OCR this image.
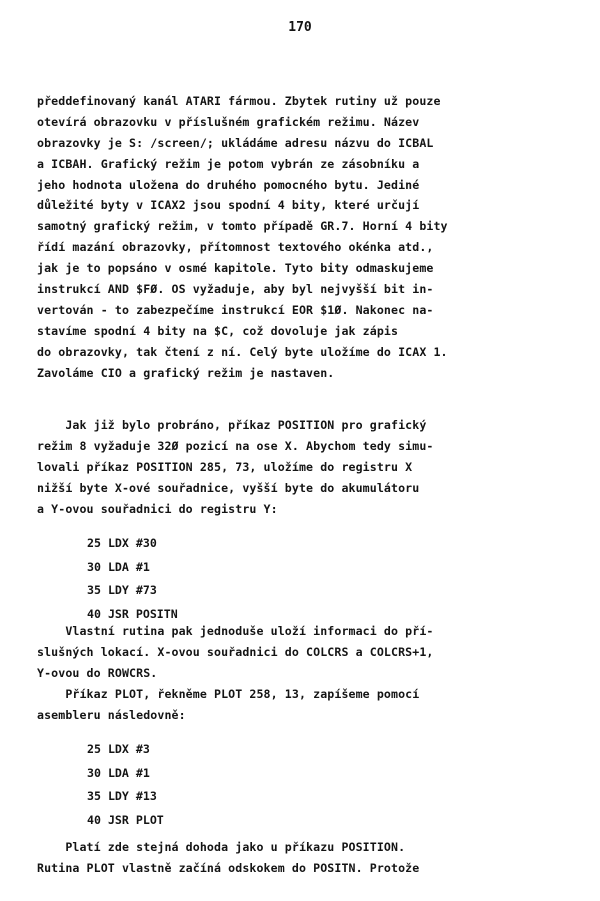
170
předdefinovaný kanál ATARI fármou. Zbytek rutiny už pouze
otevírá obrazovku v příslušném grafickém režimu. Název
obrazovky je S: /screen/; ukládáme adresu názvu do ICBAL
a ICBAH. Grafický režim je potom vybrán ze zásobníku a
jeho hodnota uložena do druhého pomocného bytu. Jediné
důležité byty v ICAX2 jsou spodní 4 bity, které určují
samotný grafický režim, v tomto případě GR.7. Horní 4 bity
řídí mazání obrazovky, přítomnost textového okénka atd.,
jak je to popsáno v osmé kapitole. Tyto bity odmaskujeme
instrukcí AND $FØ. OS vyžaduje, aby byl nejvyšší bit in-
vertován - to zabezpečíme instrukcí EOR $1Ø. Nakonec na-
stavíme spodní 4 bity na $C, což dovoluje jak zápis
do obrazovky, tak čtení z ní. Celý byte uložíme do ICAX 1.
Zavoláme CIO a grafický režim je nastaven.
Jak již bylo probráno, příkaz POSITION pro grafický
režim 8 vyžaduje 32Ø pozicí na ose X. Abychom tedy simu-
lovali příkaz POSITION 285, 73, uložíme do registru X
nižší byte X-ové souřadnice, vyšší byte do akumulátoru
a Y-ovou souřadnici do registru Y:
25 LDX #30
30 LDA #1
35 LDY #73
40 JSR POSITN
Vlastní rutina pak jednoduše uloží informaci do pří-
slušných lokací. X-ovou souřadnici do COLCRS a COLCRS+1,
Y-ovou do ROWCRS.
Příkaz PLOT, řekněme PLOT 258, 13, zapíšeme pomocí
asembleru následovně:
25 LDX #3
30 LDA #1
35 LDY #13
40 JSR PLOT
Platí zde stejná dohoda jako u příkazu POSITION.
Rutina PLOT vlastně začíná odskokem do POSITN. Protože
